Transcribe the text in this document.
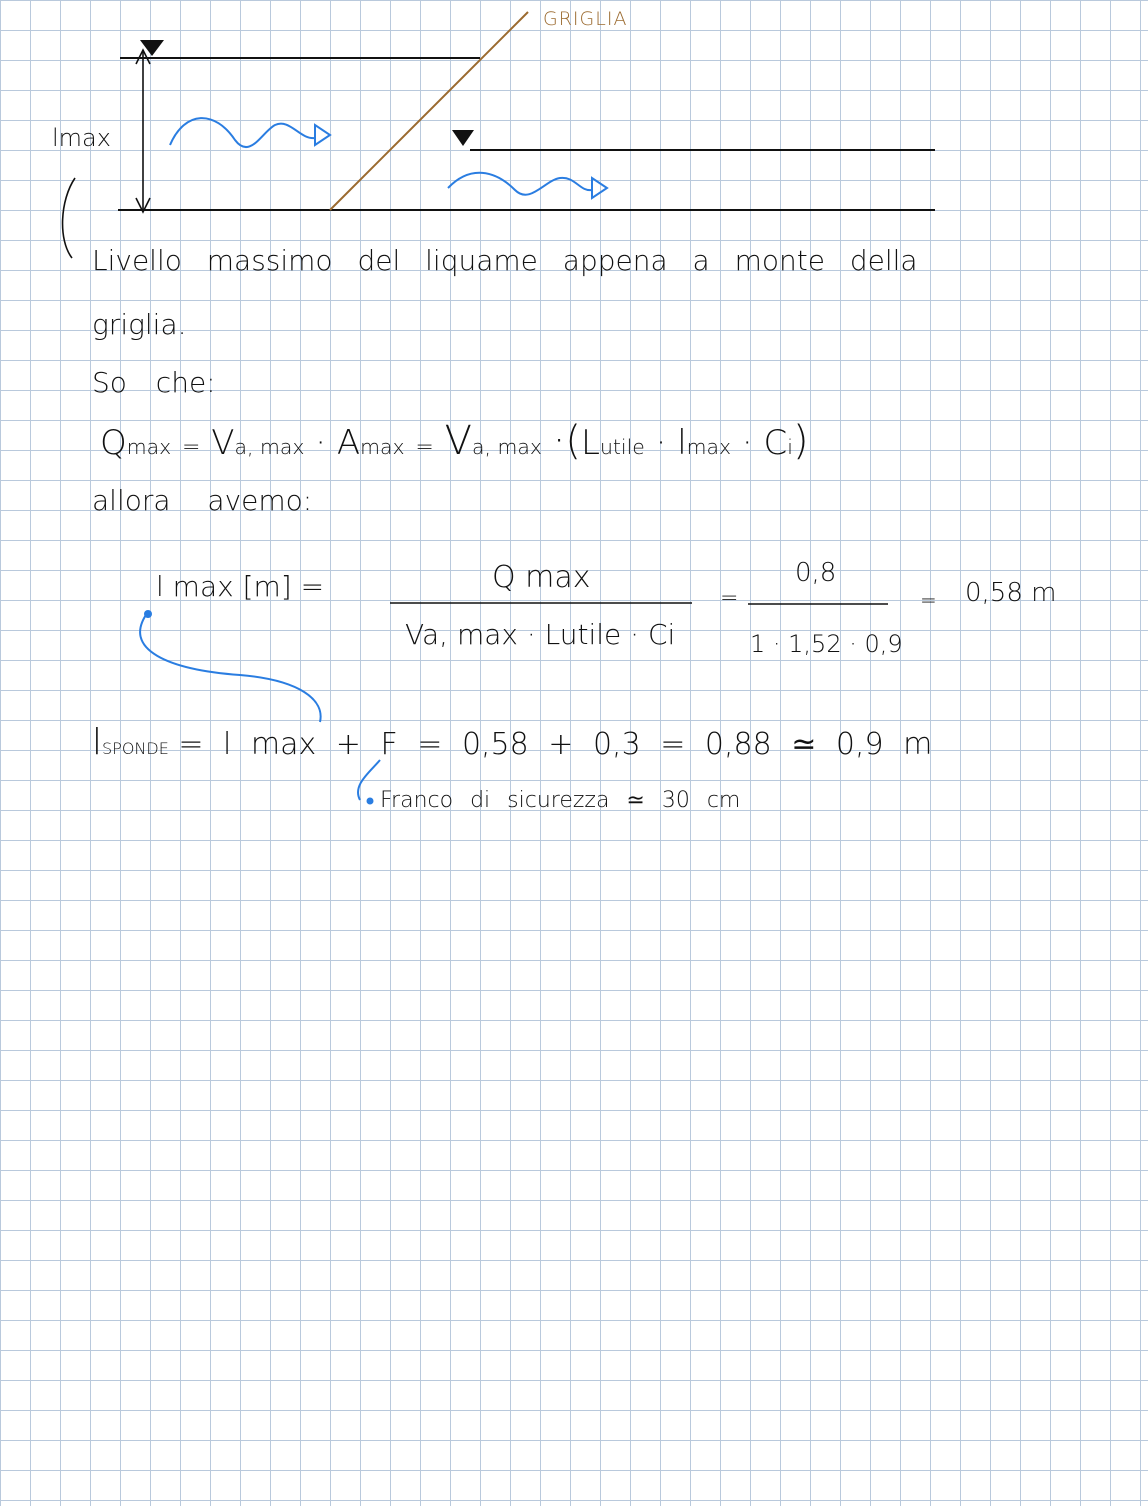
GRIGLIA
lmax
Livello massimo del liquame appena a monte della
griglia.
So che:
Qmax = Va, max · Amax = Va, max ·(Lutile · lmax · Ci)
allora avemo:
l max [m] =	Q max
Va, max · Lutile · Ci
=
0,8
1 · 1,52 · 0,9
= 0,58 m
lSPONDE = l max + F = 0,58 + 0,3 = 0,88 ≃ 0,9 m
Franco di sicurezza ≃ 30 cm
